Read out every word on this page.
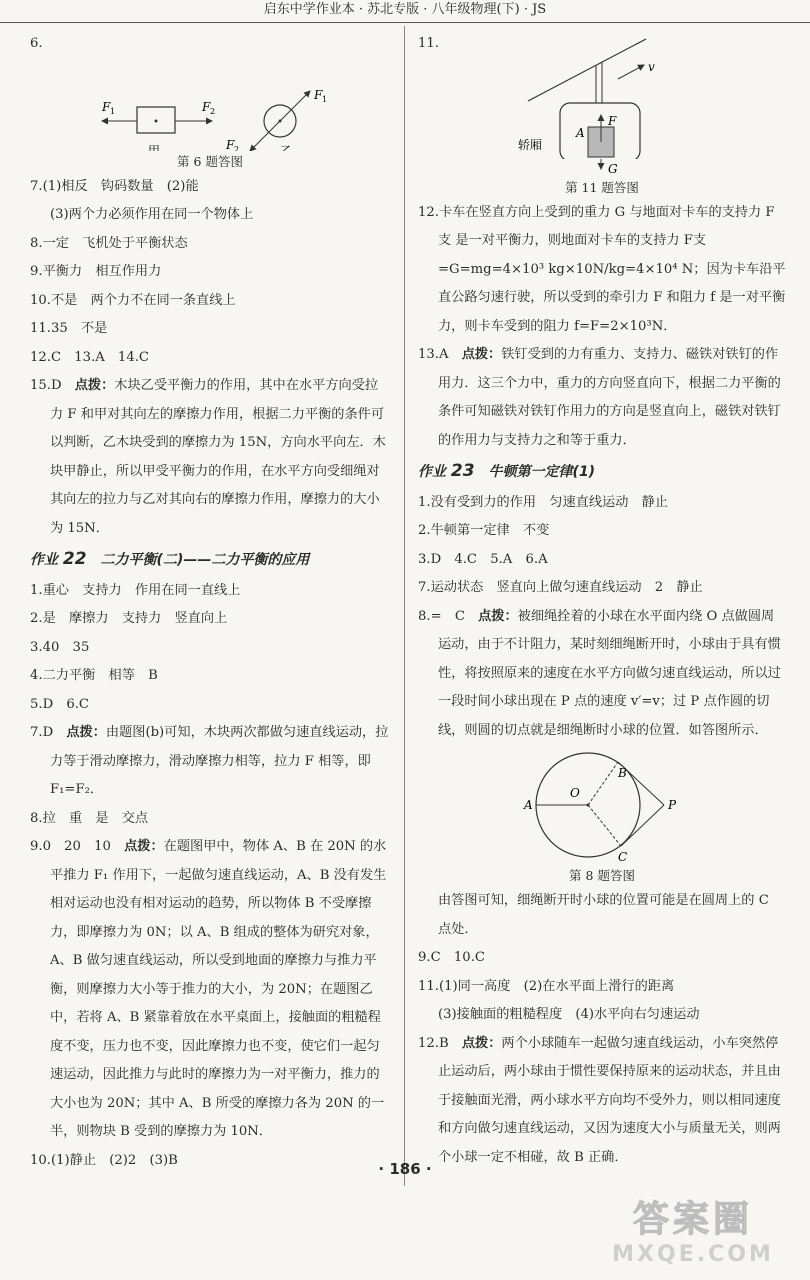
启东中学作业本 · 苏北专版 · 八年级物理(下) · JS

6.

F 1	F 2
甲
F 1
F 2	乙
第 6 题答图

7.(1)相反　钩码数量　(2)能

(3)两个力必须作用在同一个物体上

8.一定　飞机处于平衡状态

9.平衡力　相互作用力

10.不是　两个力不在同一条直线上

11.35　不是

12.C　13.A　14.C

15.D　点拨：木块乙受平衡力的作用，其中在水平方向受拉力 F 和甲对其向左的摩擦力作用，根据二力平衡的条件可以判断，乙木块受到的摩擦力为 15N，方向水平向左．木块甲静止，所以甲受平衡力的作用，在水平方向受细绳对其向左的拉力与乙对其向右的摩擦力作用，摩擦力的大小为 15N．

作业 22　二力平衡(二)——二力平衡的应用

1.重心　支持力　作用在同一直线上

2.是　摩擦力　支持力　竖直向上

3.40　35

4.二力平衡　相等　B

5.D　6.C

7.D　点拨：由题图(b)可知，木块两次都做匀速直线运动，拉力等于滑动摩擦力，滑动摩擦力相等，拉力 F 相等，即 F₁=F₂．

8.拉　重　是　交点

9.0　20　10　点拨：在题图甲中，物体 A、B 在 20N 的水平推力 F₁ 作用下，一起做匀速直线运动，A、B 没有发生相对运动也没有相对运动的趋势，所以物体 B 不受摩擦力，即摩擦力为 0N；以 A、B 组成的整体为研究对象，A、B 做匀速直线运动，所以受到地面的摩擦力与推力平衡，则摩擦力大小等于推力的大小，为 20N；在题图乙中，若将 A、B 紧靠着放在水平桌面上，接触面的粗糙程度不变，压力也不变，因此摩擦力也不变，使它们一起匀速运动，因此推力与此时的摩擦力为一对平衡力，推力的大小也为 20N；其中 A、B 所受的摩擦力各为 20N 的一半，则物块 B 受到的摩擦力为 10N．

10.(1)静止　(2)2　(3)B

11.

v
F
A
轿厢
G
第 11 题答图

12.卡车在竖直方向上受到的重力 G 与地面对卡车的支持力 F支 是一对平衡力，则地面对卡车的支持力 F支=G=mg=4×10³ kg×10N/kg=4×10⁴ N；因为卡车沿平直公路匀速行驶，所以受到的牵引力 F 和阻力 f 是一对平衡力，则卡车受到的阻力 f=F=2×10³N．

13.A　点拨：铁钉受到的力有重力、支持力、磁铁对铁钉的作用力．这三个力中，重力的方向竖直向下，根据二力平衡的条件可知磁铁对铁钉作用力的方向是竖直向上，磁铁对铁钉的作用力与支持力之和等于重力．

作业 23　牛顿第一定律(1)

1.没有受到力的作用　匀速直线运动　静止

2.牛顿第一定律　不变

3.D　4.C　5.A　6.A

7.运动状态　竖直向上做匀速直线运动　2　静止

8.=　C　点拨：被细绳拴着的小球在水平面内绕 O 点做圆周运动，由于不计阻力，某时刻细绳断开时，小球由于具有惯性，将按照原来的速度在水平方向做匀速直线运动，所以过一段时间小球出现在 P 点的速度 v′=v；过 P 点作圆的切线，则圆的切点就是细绳断时小球的位置．如答图所示．

O
A
B
C
P
第 8 题答图

由答图可知，细绳断开时小球的位置可能是在圆周上的 C 点处．

9.C　10.C

11.(1)同一高度　(2)在水平面上滑行的距离

(3)接触面的粗糙程度　(4)水平向右匀速运动

12.B　点拨：两个小球随车一起做匀速直线运动，小车突然停止运动后，两小球由于惯性要保持原来的运动状态，并且由于接触面光滑，两小球水平方向均不受外力，则以相同速度和方向做匀速直线运动，又因为速度大小与质量无关，则两个小球一定不相碰，故 B 正确．

· 186 ·
答案圈
MXQE.COM
